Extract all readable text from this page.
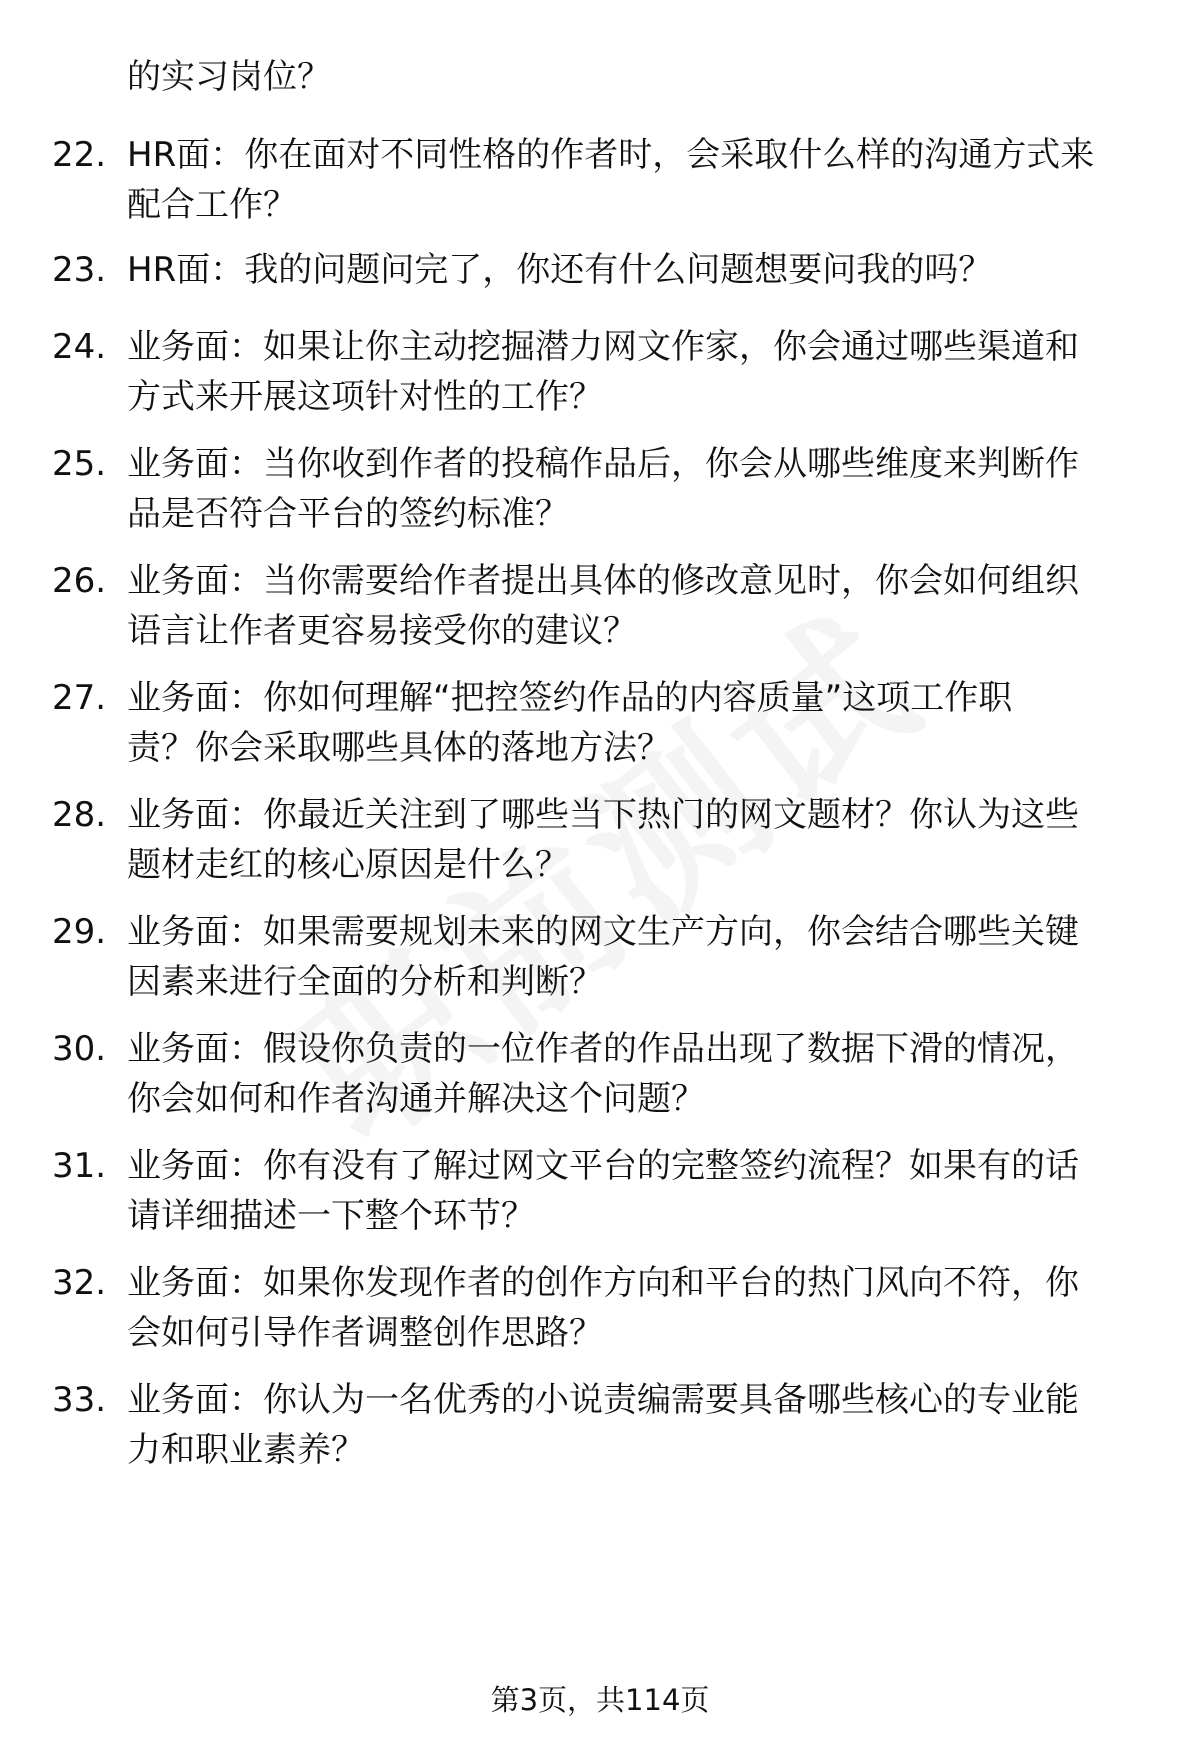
的实习岗位？
22. HR面：你在面对不同性格的作者时，会采取什么样的沟通方式来
配合工作？
23. HR面：我的问题问完了，你还有什么问题想要问我的吗？
24. 业务面：如果让你主动挖掘潜力网文作家，你会通过哪些渠道和
方式来开展这项针对性的工作？
25. 业务面：当你收到作者的投稿作品后，你会从哪些维度来判断作
品是否符合平台的签约标准？
26. 业务面：当你需要给作者提出具体的修改意见时，你会如何组织
语言让作者更容易接受你的建议？
27. 业务面：你如何理解“把控签约作品的内容质量”这项工作职
责？你会采取哪些具体的落地方法？
28. 业务面：你最近关注到了哪些当下热门的网文题材？你认为这些
题材走红的核心原因是什么？
29. 业务面：如果需要规划未来的网文生产方向，你会结合哪些关键
因素来进行全面的分析和判断？
30. 业务面：假设你负责的一位作者的作品出现了数据下滑的情况，
你会如何和作者沟通并解决这个问题？
31. 业务面：你有没有了解过网文平台的完整签约流程？如果有的话
请详细描述一下整个环节？
32. 业务面：如果你发现作者的创作方向和平台的热门风向不符，你
会如何引导作者调整创作思路？
33. 业务面：你认为一名优秀的小说责编需要具备哪些核心的专业能
力和职业素养？
第3页，共114页
